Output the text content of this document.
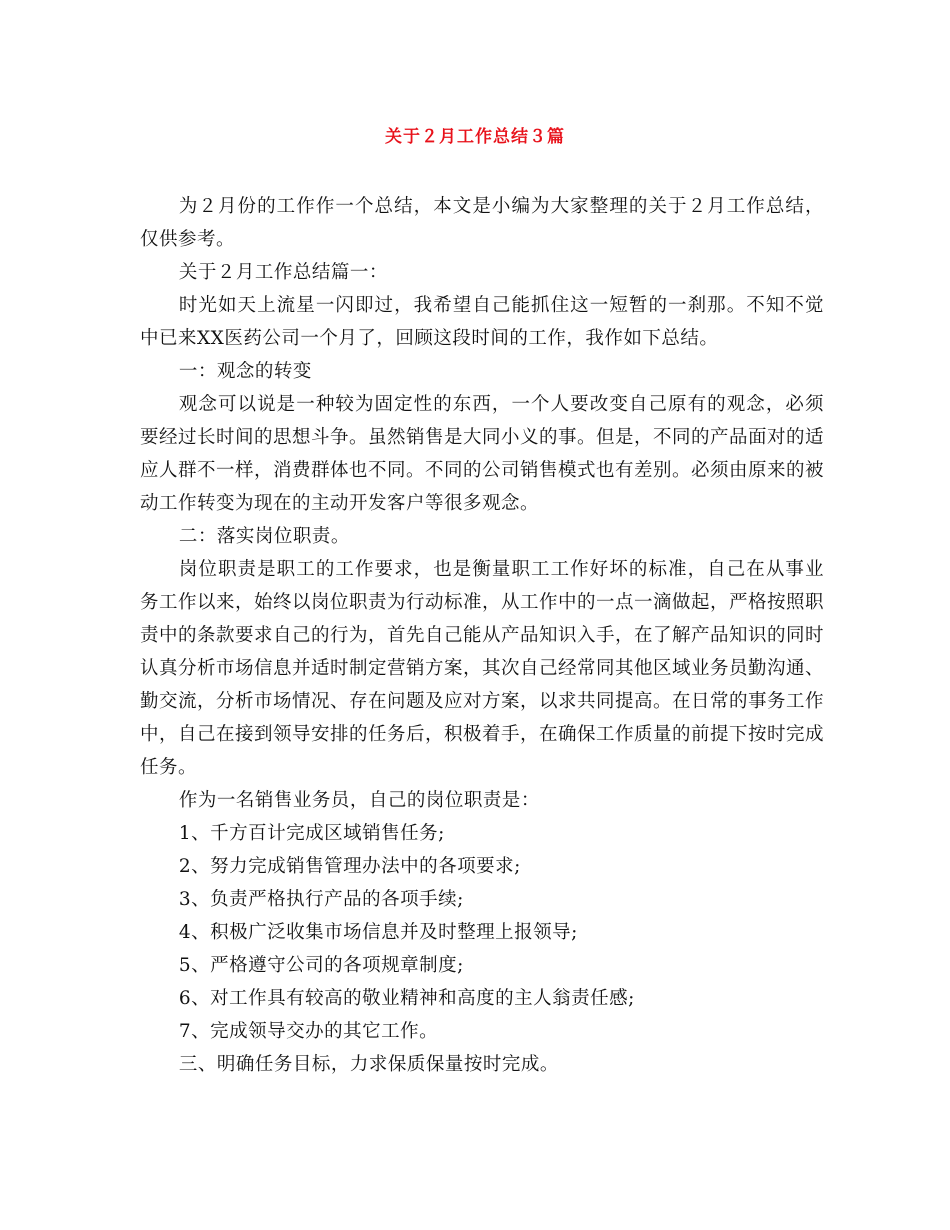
关于２月工作总结３篇

为２月份的工作作一个总结，本文是小编为大家整理的关于２月工作总结，仅供参考。

关于２月工作总结篇一：

时光如天上流星一闪即过，我希望自己能抓住这一短暂的一刹那。不知不觉中已来XX医药公司一个月了，回顾这段时间的工作，我作如下总结。

一：观念的转变

观念可以说是一种较为固定性的东西，一个人要改变自己原有的观念，必须要经过长时间的思想斗争。虽然销售是大同小义的事。但是，不同的产品面对的适应人群不一样，消费群体也不同。不同的公司销售模式也有差别。必须由原来的被动工作转变为现在的主动开发客户等很多观念。

二：落实岗位职责。

岗位职责是职工的工作要求，也是衡量职工工作好坏的标准，自己在从事业务工作以来，始终以岗位职责为行动标准，从工作中的一点一滴做起，严格按照职责中的条款要求自己的行为，首先自己能从产品知识入手，在了解产品知识的同时认真分析市场信息并适时制定营销方案，其次自己经常同其他区域业务员勤沟通、勤交流，分析市场情况、存在问题及应对方案，以求共同提高。在日常的事务工作中，自己在接到领导安排的任务后，积极着手，在确保工作质量的前提下按时完成任务。

作为一名销售业务员，自己的岗位职责是：

1、千方百计完成区域销售任务;

2、努力完成销售管理办法中的各项要求;

3、负责严格执行产品的各项手续;

4、积极广泛收集市场信息并及时整理上报领导;

5、严格遵守公司的各项规章制度;

6、对工作具有较高的敬业精神和高度的主人翁责任感;

7、完成领导交办的其它工作。

三、明确任务目标，力求保质保量按时完成。
